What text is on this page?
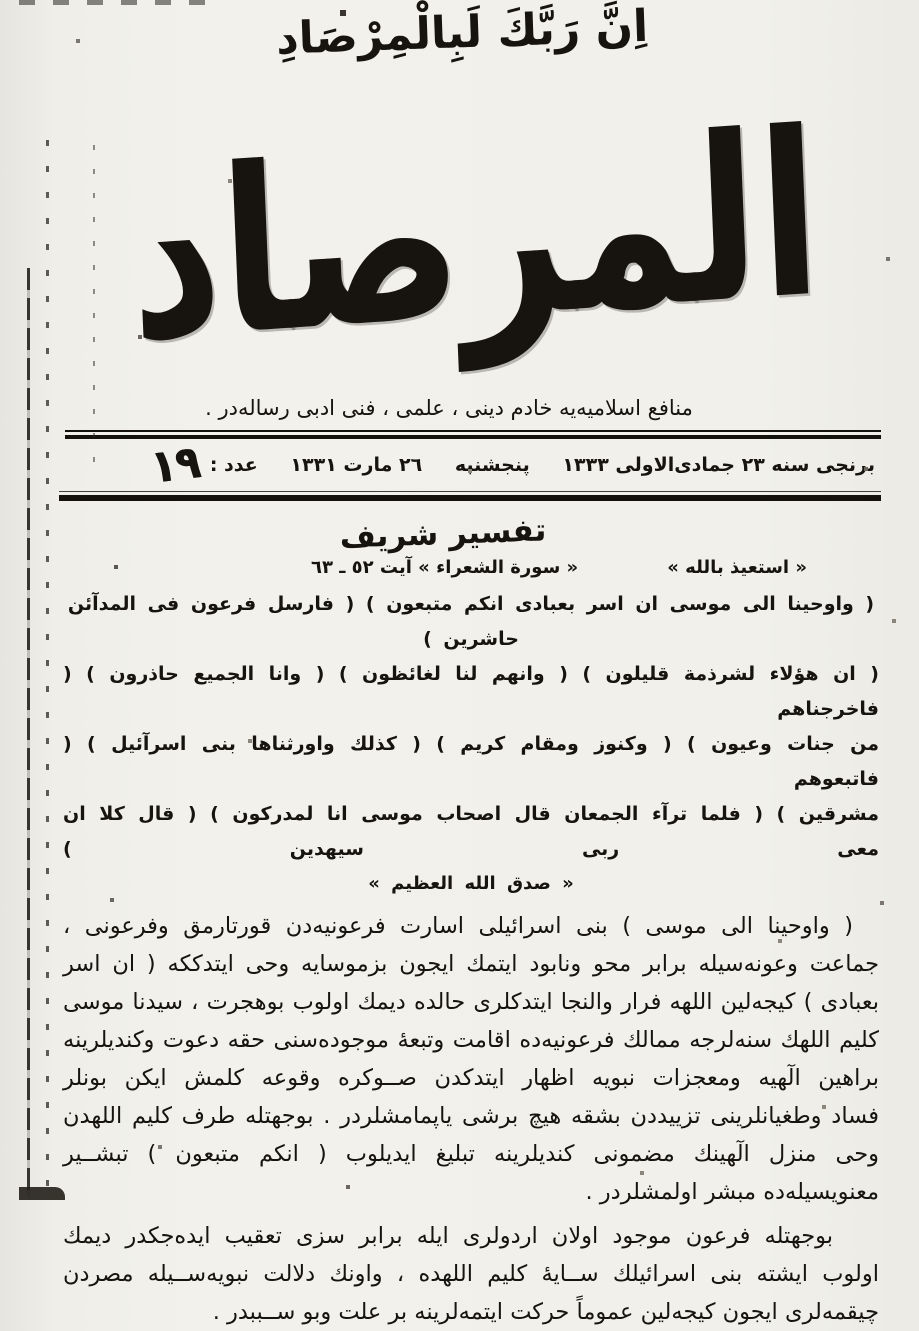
اِنَّ رَبَّكَ لَبِالْمِرْصَادِ
المرصاد
منافع اسلاميه‌يه خادم دينى ، علمى ، فنى ادبى رساله‌در .
برنجى سنه ٢٣ جمادى‌الاولى ١٣٣٣
پنجشنبه
٢٦ مارت ١٣٣١
عدد :
١٩
تفسير شريف
« استعيذ بالله »
« سورة الشعراء » آيت ٥٢ ـ ٦٣
( واوحينا الى موسى ان اسر بعبادى انكم متبعون ) ( فارسل فرعون فى المدآئن حاشرين )
( ان هؤلاء لشرذمة قليلون ) ( وانهم لنا لغائظون ) ( وانا الجميع حاذرون ) ( فاخرجناهم
من جنات وعيون ) ( وكنوز ومقام كريم ) ( كذلك واورثناها بنى اسرآئيل ) ( فاتبعوهم
مشرقين ) ( فلما ترآء الجمعان قال اصحاب موسى انا لمدركون ) ( قال كلا ان معى ربى سيهدين )
« صدق الله العظيم »
( واوحينا الى موسى ) بنى اسرائيلى اسارت فرعونيه‌دن قورتارمق وفرعونى ،
جماعت وعونه‌سيله برابر محو ونابود ايتمك ايجون بزموسايه وحى ايتدككه ( ان اسر
بعبادى ) كيجه‌لين اللهه فرار والنجا ايتدكلرى حالده ديمك اولوب بوهجرت ، سيدنا موسى
كليم اللهك سنه‌لرجه ممالك فرعونيه‌ده اقامت وتبعهٔ موجوده‌سنى حقه دعوت وكنديلرينه
براهين الٓهيه ومعجزات نبويه اظهار ايتدكدن صــوكره وقوعه كلمش ايكن بونلر
فساد وطغيانلرينى تزييددن بشقه هيچ برشى ياپمامشلردر . بوجهتله طرف كليم اللهدن
وحى منزل الٓهينك مضمونى كنديلرينه تبليغ ايديلوب ( انكم متبعون ) تبشــير
معنويسيله‌ده مبشر اولمشلردر .
بوجهتله فرعون موجود اولان اردولرى ايله برابر سزى تعقيب ايده‌جكدر ديمك
اولوب ايشته بنى اسرائيلك ســايهٔ كليم اللهده ، واونك دلالت نبويه‌ســيله مصردن
چيقمه‌لرى ايجون كيجه‌لين عموماً حركت ايتمه‌لرينه بر علت وبو ســببدر .
